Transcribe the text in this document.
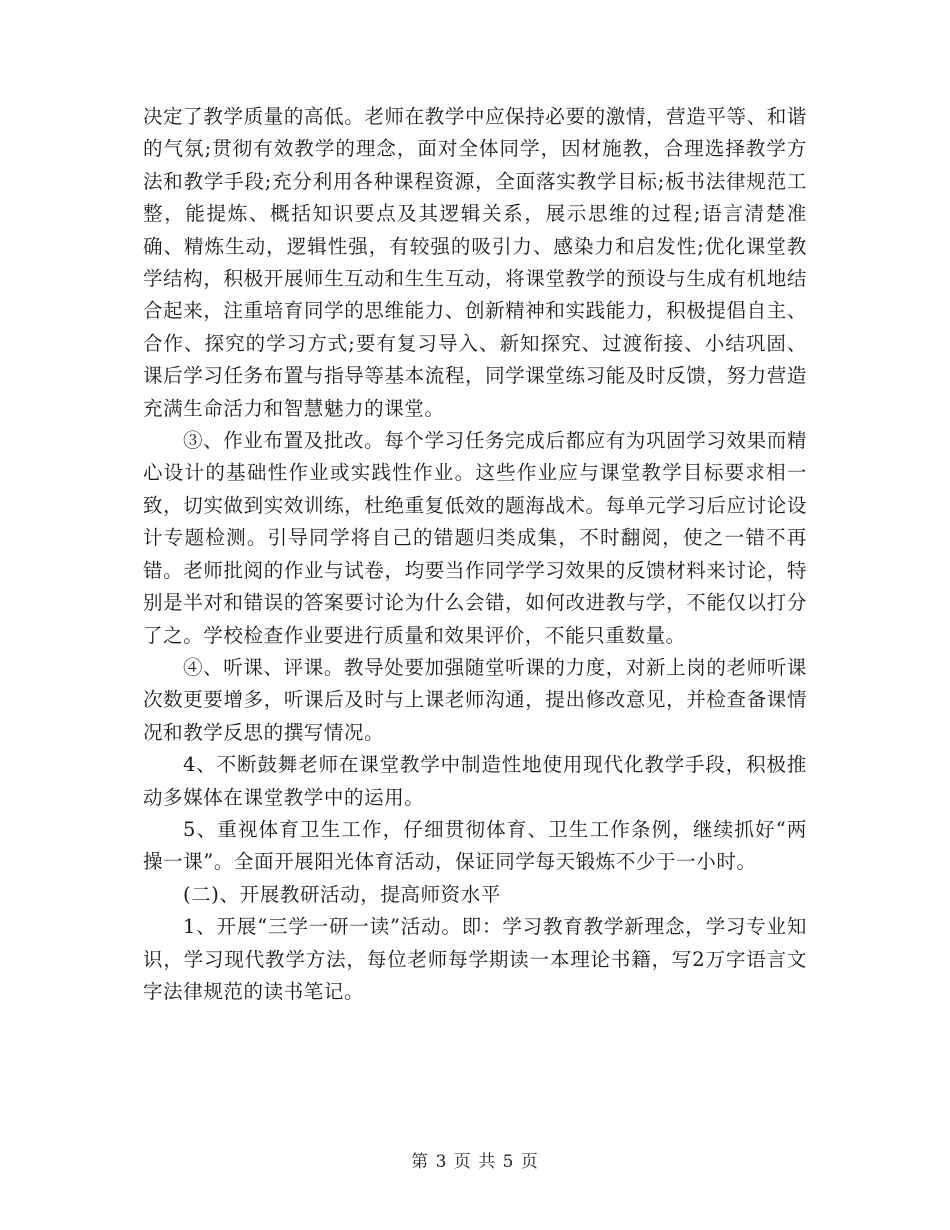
决定了教学质量的高低。老师在教学中应保持必要的激情，营造平等、和谐的气氛;贯彻有效教学的理念，面对全体同学，因材施教，合理选择教学方法和教学手段;充分利用各种课程资源，全面落实教学目标;板书法律规范工整，能提炼、概括知识要点及其逻辑关系，展示思维的过程;语言清楚准确、精炼生动，逻辑性强，有较强的吸引力、感染力和启发性;优化课堂教学结构，积极开展师生互动和生生互动，将课堂教学的预设与生成有机地结合起来，注重培育同学的思维能力、创新精神和实践能力，积极提倡自主、合作、探究的学习方式;要有复习导入、新知探究、过渡衔接、小结巩固、课后学习任务布置与指导等基本流程，同学课堂练习能及时反馈，努力营造充满生命活力和智慧魅力的课堂。

③、作业布置及批改。每个学习任务完成后都应有为巩固学习效果而精心设计的基础性作业或实践性作业。这些作业应与课堂教学目标要求相一致，切实做到实效训练，杜绝重复低效的题海战术。每单元学习后应讨论设计专题检测。引导同学将自己的错题归类成集，不时翻阅，使之一错不再错。老师批阅的作业与试卷，均要当作同学学习效果的反馈材料来讨论，特别是半对和错误的答案要讨论为什么会错，如何改进教与学，不能仅以打分了之。学校检查作业要进行质量和效果评价，不能只重数量。

④、听课、评课。教导处要加强随堂听课的力度，对新上岗的老师听课次数更要增多，听课后及时与上课老师沟通，提出修改意见，并检查备课情况和教学反思的撰写情况。

4、不断鼓舞老师在课堂教学中制造性地使用现代化教学手段，积极推动多媒体在课堂教学中的运用。

5、重视体育卫生工作，仔细贯彻体育、卫生工作条例，继续抓好“两操一课”。全面开展阳光体育活动，保证同学每天锻炼不少于一小时。

(二)、开展教研活动，提高师资水平

1、开展“三学一研一读”活动。即：学习教育教学新理念，学习专业知识，学习现代教学方法，每位老师每学期读一本理论书籍，写2万字语言文字法律规范的读书笔记。

第 3 页 共 5 页
